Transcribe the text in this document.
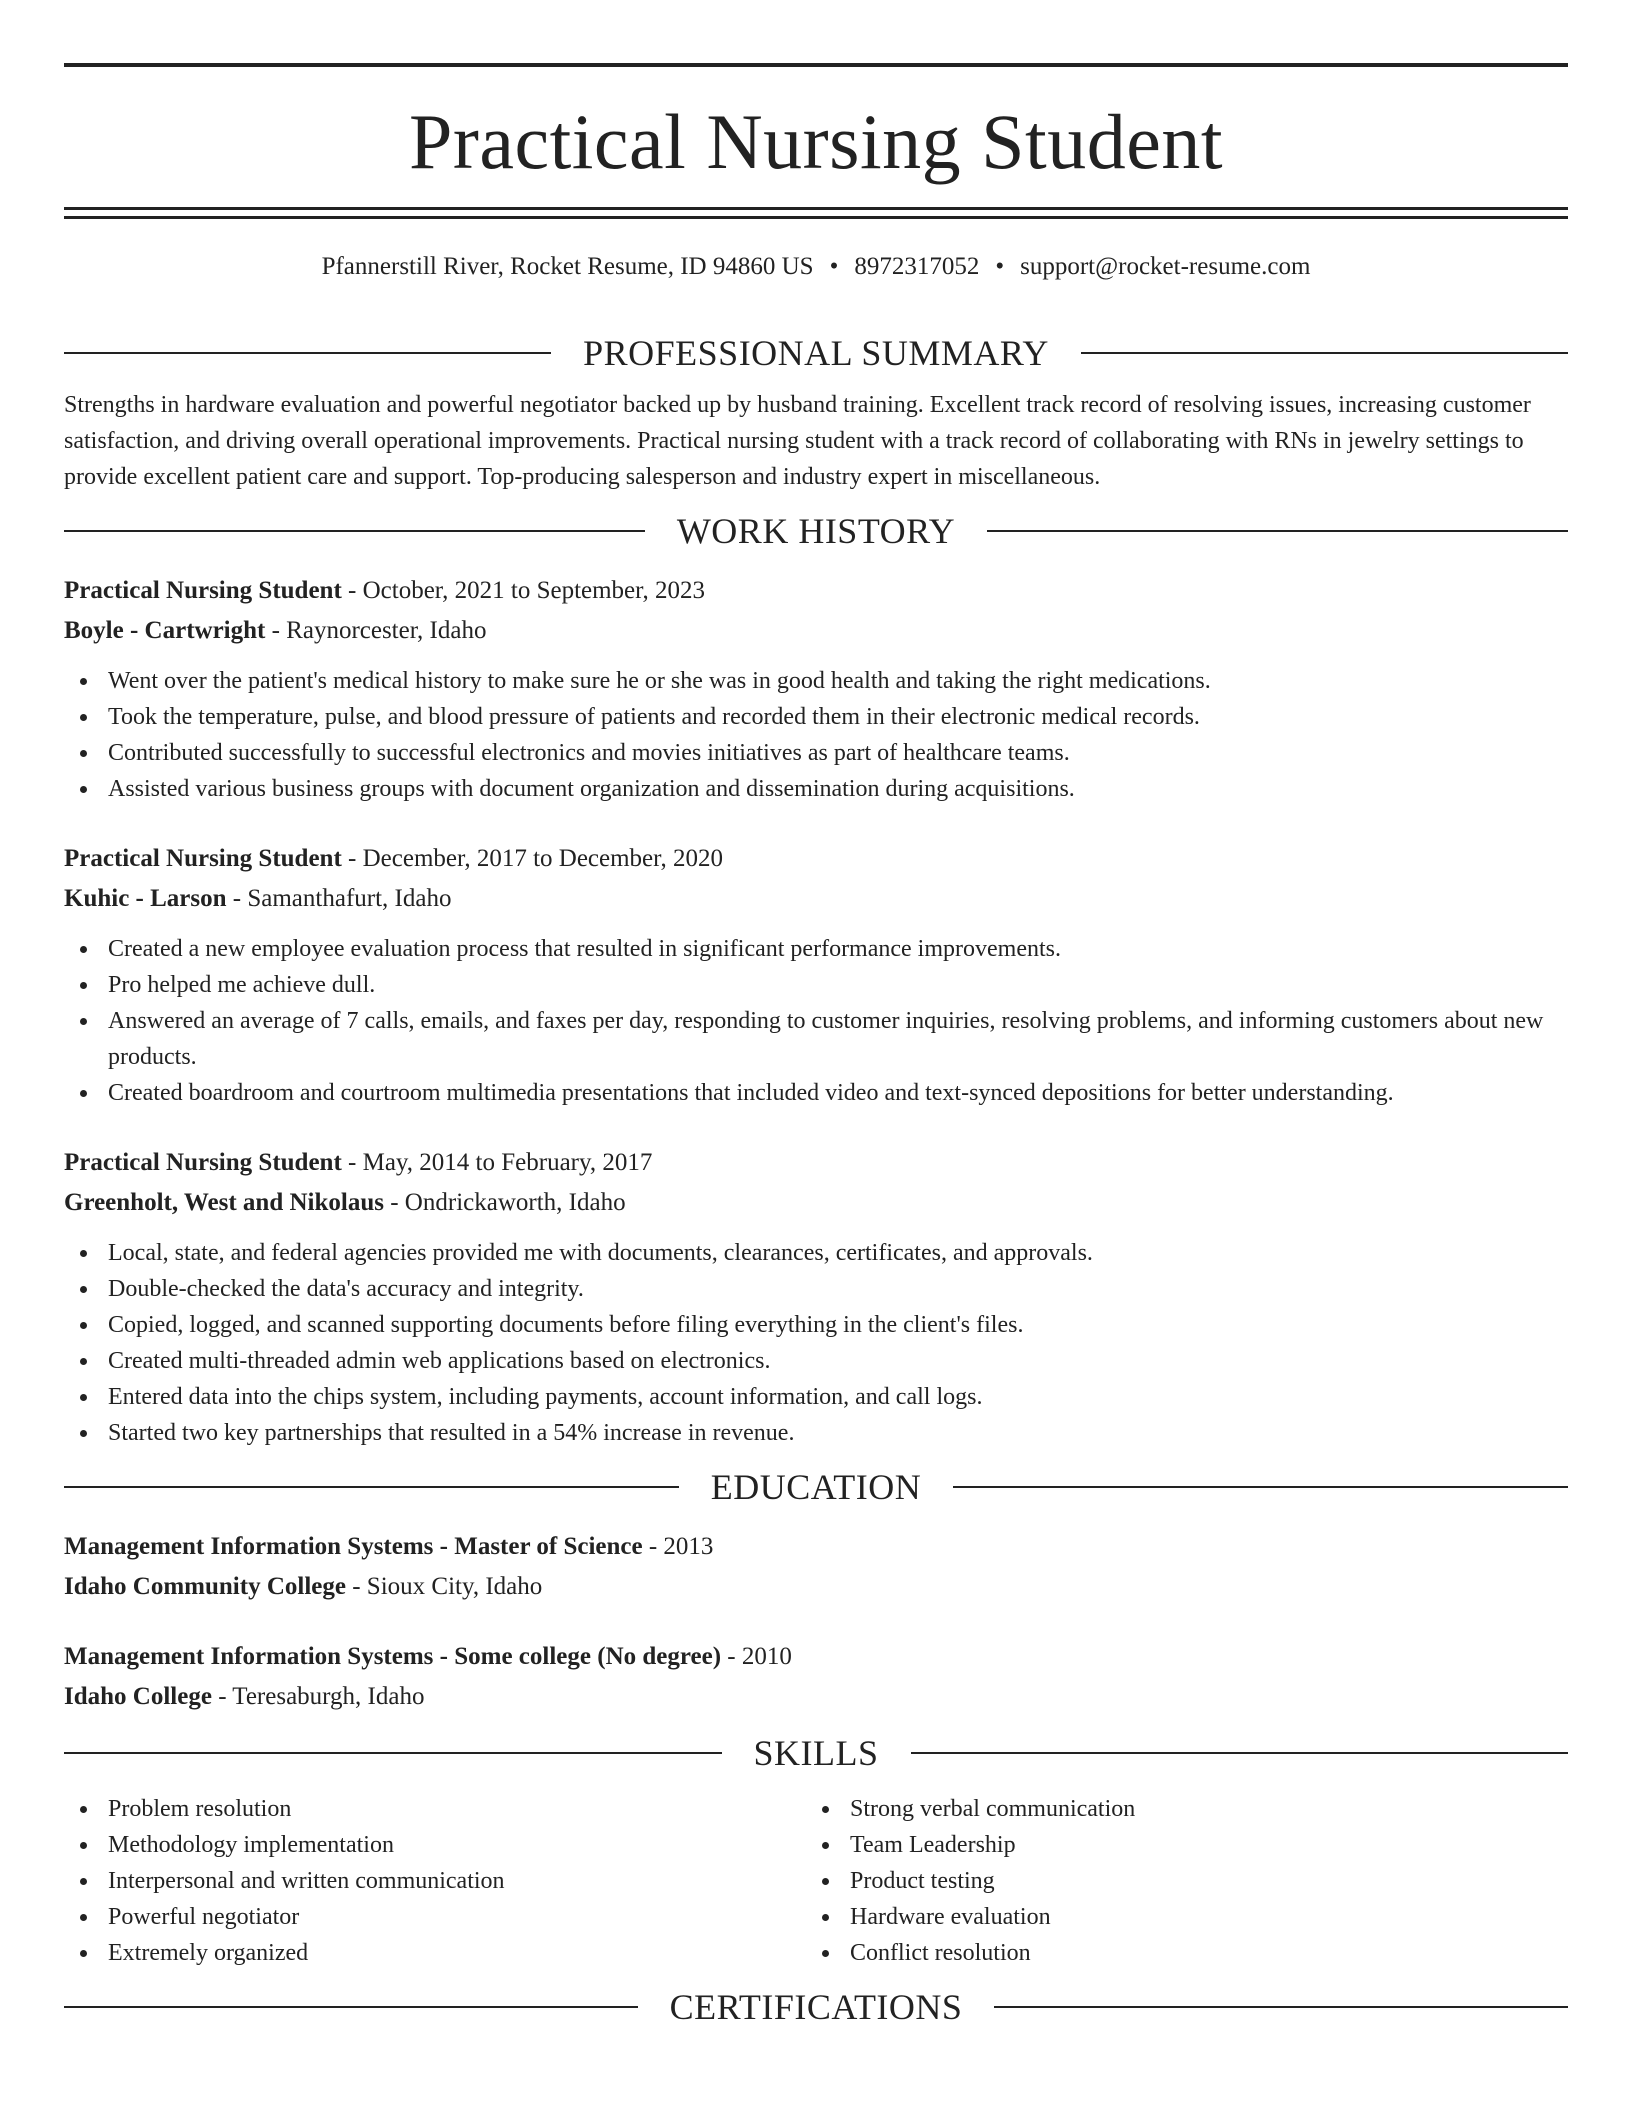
Practical Nursing Student
Pfannerstill River, Rocket Resume, ID 94860 US • 8972317052 • support@rocket-resume.com
PROFESSIONAL SUMMARY

Strengths in hardware evaluation and powerful negotiator backed up by husband training. Excellent track record of resolving issues, increasing customer satisfaction, and driving overall operational improvements. Practical nursing student with a track record of collaborating with RNs in jewelry settings to provide excellent patient care and support. Top-producing salesperson and industry expert in miscellaneous.

WORK HISTORY
Practical Nursing Student - October, 2021 to September, 2023
Boyle - Cartwright - Raynorcester, Idaho
Went over the patient's medical history to make sure he or she was in good health and taking the right medications.
Took the temperature, pulse, and blood pressure of patients and recorded them in their electronic medical records.
Contributed successfully to successful electronics and movies initiatives as part of healthcare teams.
Assisted various business groups with document organization and dissemination during acquisitions.
Practical Nursing Student - December, 2017 to December, 2020
Kuhic - Larson - Samanthafurt, Idaho
Created a new employee evaluation process that resulted in significant performance improvements.
Pro helped me achieve dull.
Answered an average of 7 calls, emails, and faxes per day, responding to customer inquiries, resolving problems, and informing customers about new products.
Created boardroom and courtroom multimedia presentations that included video and text-synced depositions for better understanding.
Practical Nursing Student - May, 2014 to February, 2017
Greenholt, West and Nikolaus - Ondrickaworth, Idaho
Local, state, and federal agencies provided me with documents, clearances, certificates, and approvals.
Double-checked the data's accuracy and integrity.
Copied, logged, and scanned supporting documents before filing everything in the client's files.
Created multi-threaded admin web applications based on electronics.
Entered data into the chips system, including payments, account information, and call logs.
Started two key partnerships that resulted in a 54% increase in revenue.
EDUCATION
Management Information Systems - Master of Science - 2013
Idaho Community College - Sioux City, Idaho
Management Information Systems - Some college (No degree) - 2010
Idaho College - Teresaburgh, Idaho
SKILLS
Problem resolution
Methodology implementation
Interpersonal and written communication
Powerful negotiator
Extremely organized
Strong verbal communication
Team Leadership
Product testing
Hardware evaluation
Conflict resolution
CERTIFICATIONS
